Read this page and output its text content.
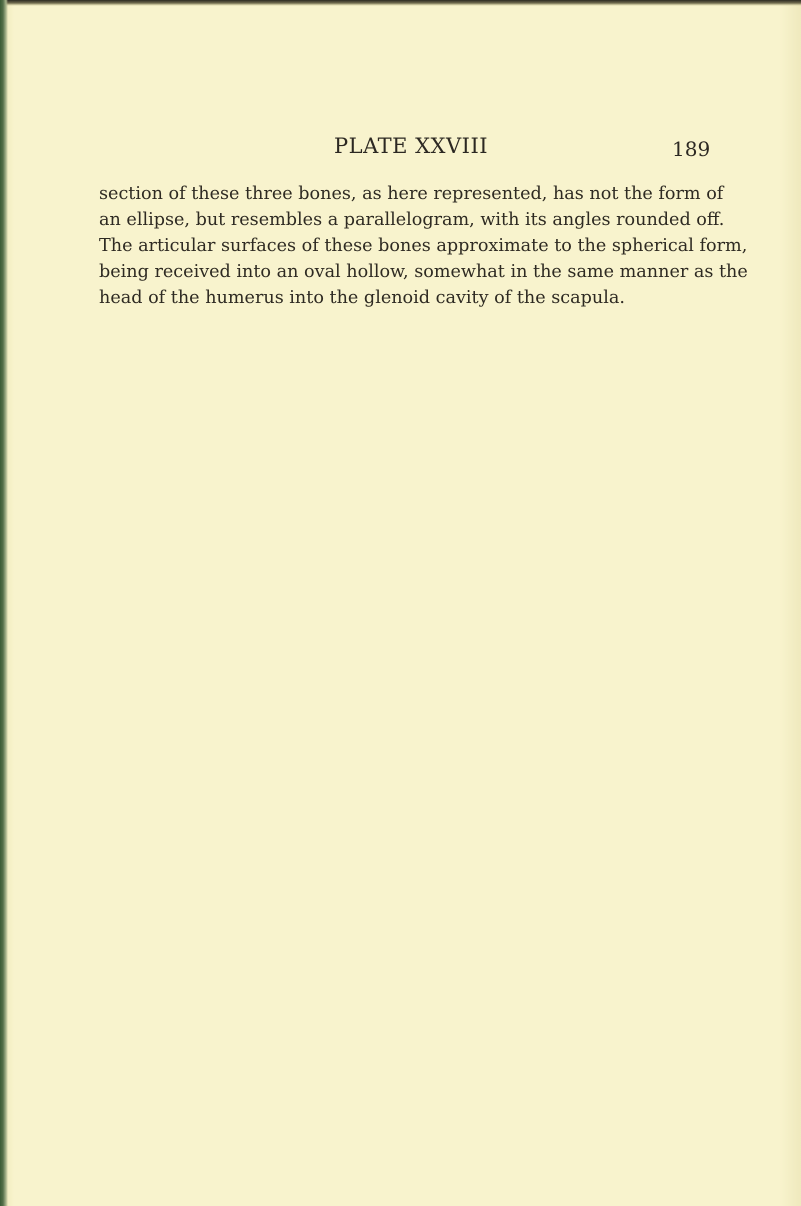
PLATE XXVIII	189
section of these three bones, as here represented, has not the form of
an ellipse, but resembles a parallelogram, with its angles rounded off.
The articular surfaces of these bones approximate to the spherical form,
being received into an oval hollow, somewhat in the same manner as the
head of the humerus into the glenoid cavity of the scapula.
